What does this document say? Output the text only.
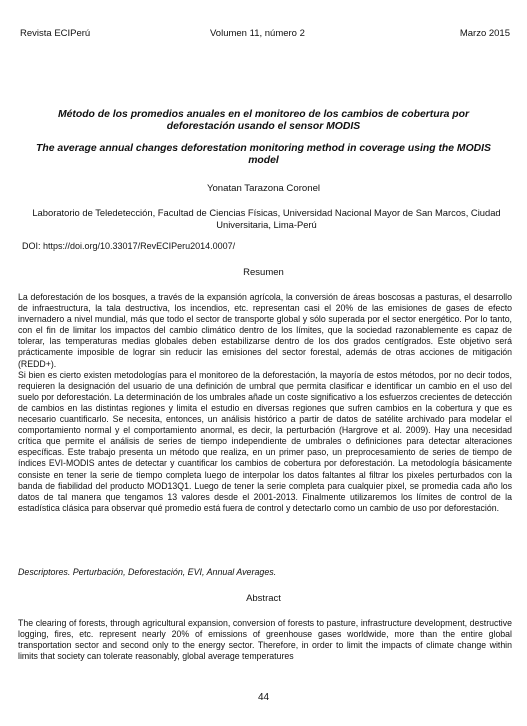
Revista ECIPerú	Volumen 11, número 2	Marzo 2015
Método de los promedios anuales en el monitoreo de los cambios de cobertura por deforestación usando el sensor MODIS
The average annual changes deforestation monitoring method in coverage using the MODIS model
Yonatan Tarazona Coronel
Laboratorio de Teledetección, Facultad de Ciencias Físicas, Universidad Nacional Mayor de San Marcos, Ciudad Universitaria, Lima-Perú
DOI: https://doi.org/10.33017/RevECIPeru2014.0007/
Resumen

La deforestación de los bosques, a través de la expansión agrícola, la conversión de áreas boscosas a pasturas, el desarrollo de infraestructura, la tala destructiva, los incendios, etc. representan casi el 20% de las emisiones de gases de efecto invernadero a nivel mundial, más que todo el sector de transporte global y sólo superada por el sector energético. Por lo tanto, con el fin de limitar los impactos del cambio climático dentro de los límites, que la sociedad razonablemente es capaz de tolerar, las temperaturas medias globales deben estabilizarse dentro de los dos grados centígrados. Este objetivo será prácticamente imposible de lograr sin reducir las emisiones del sector forestal, además de otras acciones de mitigación (REDD+).

Si bien es cierto existen metodologías para el monitoreo de la deforestación, la mayoría de estos métodos, por no decir todos, requieren la designación del usuario de una definición de umbral que permita clasificar e identificar un cambio en el uso del suelo por deforestación. La determinación de los umbrales añade un coste significativo a los esfuerzos crecientes de detección de cambios en las distintas regiones y limita el estudio en diversas regiones que sufren cambios en la cobertura y que es necesario cuantificarlo. Se necesita, entonces, un análisis histórico a partir de datos de satélite archivado para modelar el comportamiento normal y el comportamiento anormal, es decir, la perturbación (Hargrove et al. 2009). Hay una necesidad crítica que permite el análisis de series de tiempo independiente de umbrales o definiciones para detectar alteraciones específicas. Este trabajo presenta un método que realiza, en un primer paso, un preprocesamiento de series de tiempo de índices EVI-MODIS antes de detectar y cuantificar los cambios de cobertura por deforestación. La metodología básicamente consiste en tener la serie de tiempo completa luego de interpolar los datos faltantes al filtrar los pixeles perturbados con la banda de fiabilidad del producto MOD13Q1. Luego de tener la serie completa para cualquier pixel, se promedia cada año los datos de tal manera que tengamos 13 valores desde el 2001-2013. Finalmente utilizaremos los límites de control de la estadística clásica para observar qué promedio está fuera de control y detectarlo como un cambio de uso por deforestación.

Descriptores. Perturbación, Deforestación, EVI, Annual Averages.
Abstract

The clearing of forests, through agricultural expansion, conversion of forests to pasture, infrastructure development, destructive logging, fires, etc. represent nearly 20% of emissions of greenhouse gases worldwide, more than the entire global transportation sector and second only to the energy sector. Therefore, in order to limit the impacts of climate change within limits that society can tolerate reasonably, global average temperatures

44
